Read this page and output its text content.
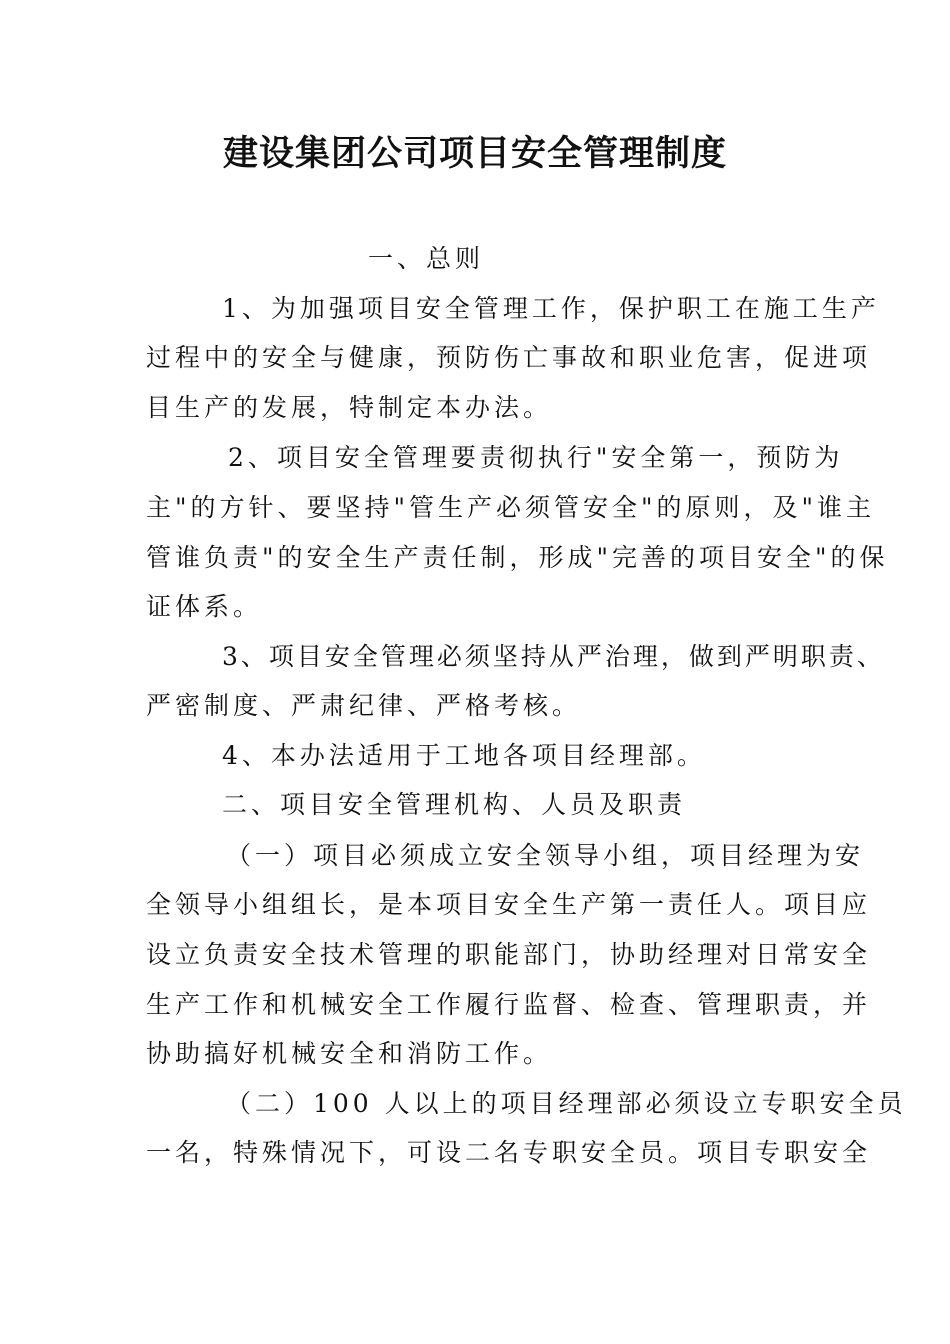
建设集团公司项目安全管理制度
一、总则
1、为加强项目安全管理工作，保护职工在施工生产
过程中的安全与健康，预防伤亡事故和职业危害，促进项
目生产的发展，特制定本办法。
2、项目安全管理要责彻执行"安全第一，预防为
主"的方针、要坚持"管生产必须管安全"的原则，及"谁主
管谁负责"的安全生产责任制，形成"完善的项目安全"的保
证体系。
3、项目安全管理必须坚持从严治理，做到严明职责、
严密制度、严肃纪律、严格考核。
4、本办法适用于工地各项目经理部。
二、项目安全管理机构、人员及职责
（一）项目必须成立安全领导小组，项目经理为安
全领导小组组长，是本项目安全生产第一责任人。项目应
设立负责安全技术管理的职能部门，协助经理对日常安全
生产工作和机械安全工作履行监督、检查、管理职责，并
协助搞好机械安全和消防工作。
（二）100 人以上的项目经理部必须设立专职安全员
一名，特殊情况下，可设二名专职安全员。项目专职安全
